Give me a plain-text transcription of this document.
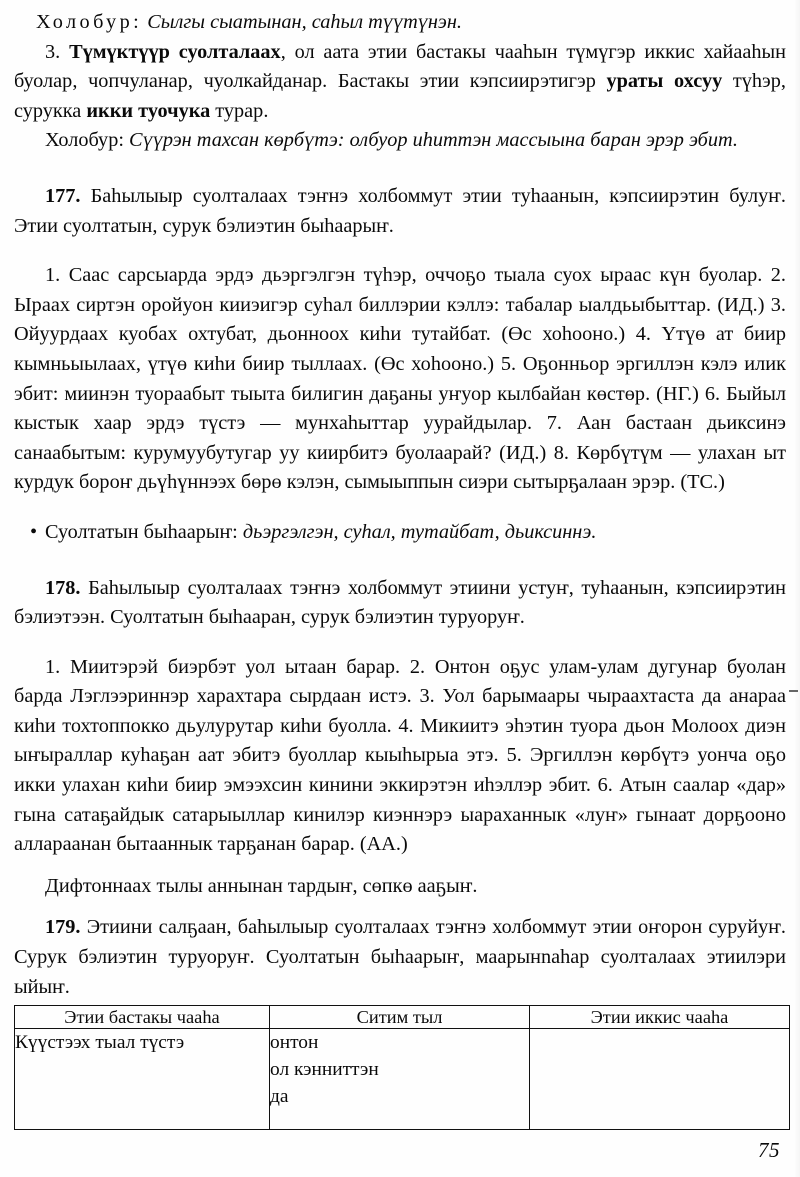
Холобур: Сылгы сыатынан, саһыл түүтүнэн.

3. Түмүктүүр суолталаах, ол аата этии бастакы чааһын түмүгэр иккис хайааһын буолар, чопчуланар, чуолкайданар. Бастакы этии кэпсиирэтигэр ураты охсуу түһэр, сурукка икки туочука турар.

Холобур: Сүүрэн тахсан көрбүтэ: олбуор иһиттэн массыына баран эрэр эбит.

177. Баһылыыр суолталаах тэҥнэ холбоммут этии туһаанын, кэпсиирэтин булуҥ. Этии суолтатын, сурук бэлиэтин быһаарыҥ.

1. Саас сарсыарда эрдэ дьэргэлгэн түһэр, оччоҕо тыала суох ыраас күн буолар. 2. Ыраах сиртэн оройуон кииэигэр суһал биллэрии кэллэ: табалар ыалдьыбыттар. (ИД.) 3. Ойуурдаах куобах охтубат, дьонноох киһи тутайбат. (Өс хоһооно.) 4. Үтүө ат биир кымньыылаах, үтүө киһи биир тыллаах. (Өс хоһооно.) 5. Оҕонньор эргиллэн кэлэ илик эбит: миинэн туораабыт тыыта билигин даҕаны уҥуор кылбайан көстөр. (НГ.) 6. Быйыл кыстык хаар эрдэ түстэ — мунхаһыттар уурайдылар. 7. Аан бастаан дьиксинэ санаабытым: курумуубутугар уу киирбитэ буолаарай? (ИД.) 8. Көрбүтүм — улахан ыт курдук бороҥ дьүһүннээх бөрө кэлэн, сымыыппын сиэри сытырҕалаан эрэр. (ТС.)

• Суолтатын быһаарыҥ: дьэргэлгэн, суһал, тутайбат, дьиксиннэ.

178. Баһылыыр суолталаах тэҥнэ холбоммут этиини устуҥ, туһаанын, кэпсиирэтин бэлиэтээн. Суолтатын быһааран, сурук бэлиэтин туруоруҥ.

1. Миитэрэй биэрбэт уол ытаан барар. 2. Онтон оҕус улам-улам дугунар буолан барда Лэглээриннэр харахтара сырдаан истэ. 3. Уол барымаары чыраахтаста да анараа киһи тохтоппокко дьулурутар киһи буолла. 4. Микиитэ эһэтин туора дьон Молоох диэн ыҥыраллар куһаҕан аат эбитэ буоллар кыыһырыа этэ. 5. Эргиллэн көрбүтэ уонча оҕо икки улахан киһи биир эмээхсин кинини эккирэтэн иһэллэр эбит. 6. Атын саалар «дар» гына сатаҕайдык сатарыыллар кинилэр киэннэрэ ыараханнык «луҥ» гынаат дорҕооно аллараанан бытааннык тарҕанан барар. (АА.)

Дифтоннаах тылы аннынан тардыҥ, сөпкө ааҕыҥ.

179. Этиини салҕаан, баһылыыр суолталаах тэҥнэ холбоммут этии оҥорон суруйуҥ. Сурук бэлиэтин туруоруҥ. Суолтатын быһаарыҥ, маарынnaһар суолталаах этиилэри ыйыҥ.

Этии бастакы чааһа	Ситим тыл	Этии иккис чааһа
Күүстээх тыал түстэ	онтон
ол кэнниттэн
да	

75
